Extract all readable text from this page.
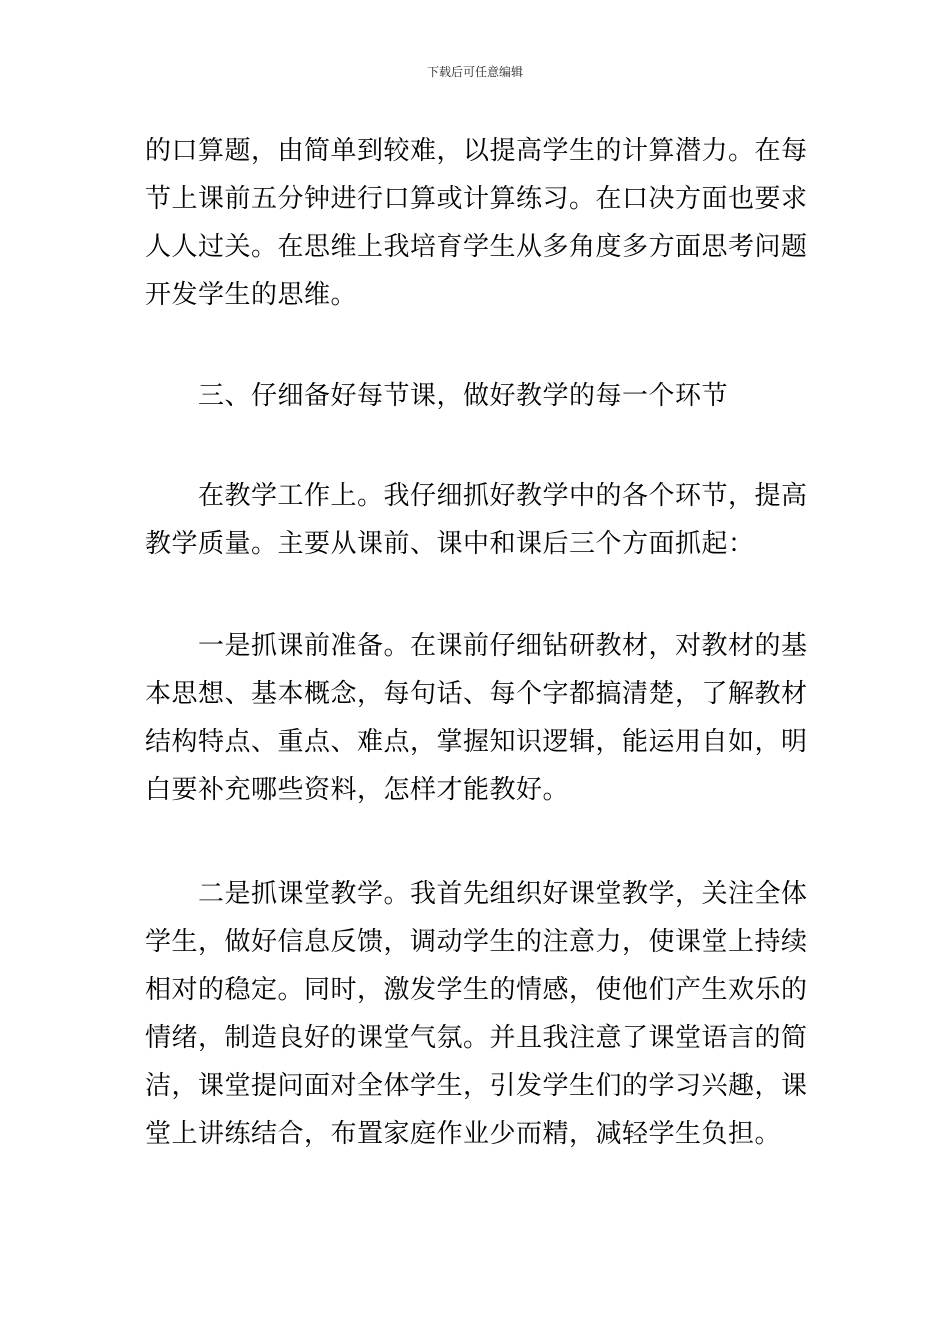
下载后可任意编辑

的口算题，由简单到较难，以提高学生的计算潜力。在每

节上课前五分钟进行口算或计算练习。在口决方面也要求

人人过关。在思维上我培育学生从多角度多方面思考问题

开发学生的思维。

　　三、仔细备好每节课，做好教学的每一个环节

　　在教学工作上。我仔细抓好教学中的各个环节，提高

教学质量。主要从课前、课中和课后三个方面抓起：

　　一是抓课前准备。在课前仔细钻研教材，对教材的基

本思想、基本概念，每句话、每个字都搞清楚，了解教材

结构特点、重点、难点，掌握知识逻辑，能运用自如，明

白要补充哪些资料，怎样才能教好。

　　二是抓课堂教学。我首先组织好课堂教学，关注全体

学生，做好信息反馈，调动学生的注意力，使课堂上持续

相对的稳定。同时，激发学生的情感，使他们产生欢乐的

情绪，制造良好的课堂气氛。并且我注意了课堂语言的简

洁，课堂提问面对全体学生，引发学生们的学习兴趣，课

堂上讲练结合，布置家庭作业少而精，减轻学生负担。
